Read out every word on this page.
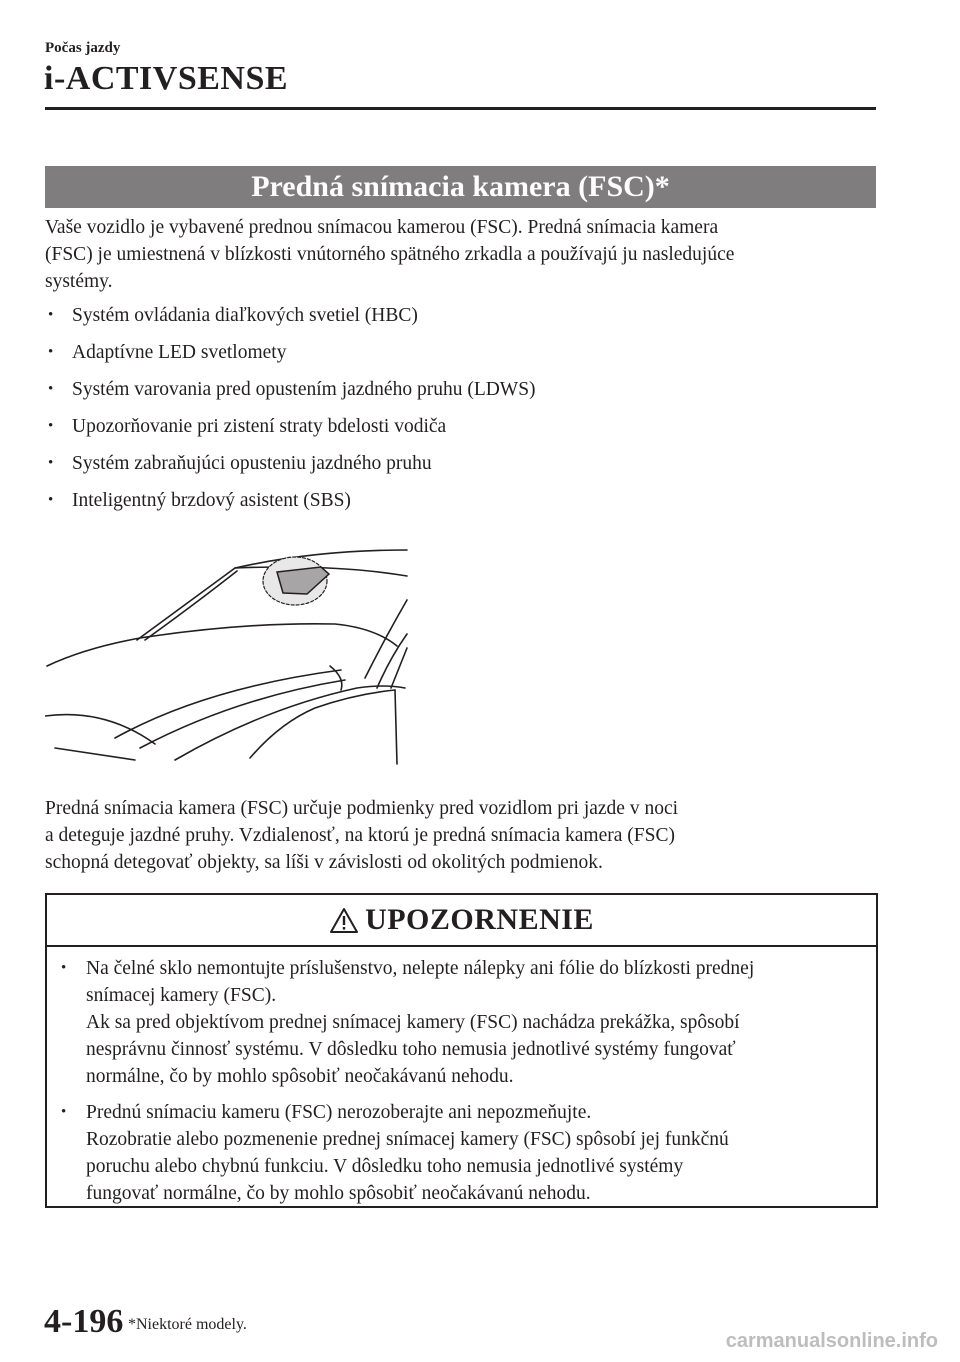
Počas jazdy
i-ACTIVSENSE
Predná snímacia kamera (FSC)*
Vaše vozidlo je vybavené prednou snímacou kamerou (FSC). Predná snímacia kamera
(FSC) je umiestnená v blízkosti vnútorného spätného zrkadla a používajú ju nasledujúce
systémy.
• Systém ovládania diaľkových svetiel (HBC)
• Adaptívne LED svetlomety
• Systém varovania pred opustením jazdného pruhu (LDWS)
• Upozorňovanie pri zistení straty bdelosti vodiča
• Systém zabraňujúci opusteniu jazdného pruhu
• Inteligentný brzdový asistent (SBS)
Predná snímacia kamera (FSC) určuje podmienky pred vozidlom pri jazde v noci
a deteguje jazdné pruhy. Vzdialenosť, na ktorú je predná snímacia kamera (FSC)
schopná detegovať objekty, sa líši v závislosti od okolitých podmienok.
UPOZORNENIE
• Na čelné sklo nemontujte príslušenstvo, nelepte nálepky ani fólie do blízkosti prednej
snímacej kamery (FSC).
Ak sa pred objektívom prednej snímacej kamery (FSC) nachádza prekážka, spôsobí
nesprávnu činnosť systému. V dôsledku toho nemusia jednotlivé systémy fungovať
normálne, čo by mohlo spôsobiť neočakávanú nehodu.
• Prednú snímaciu kameru (FSC) nerozoberajte ani nepozmeňujte.
Rozobratie alebo pozmenenie prednej snímacej kamery (FSC) spôsobí jej funkčnú
poruchu alebo chybnú funkciu. V dôsledku toho nemusia jednotlivé systémy
fungovať normálne, čo by mohlo spôsobiť neočakávanú nehodu.
4-196 *Niektoré modely.
carmanualsonline.info
